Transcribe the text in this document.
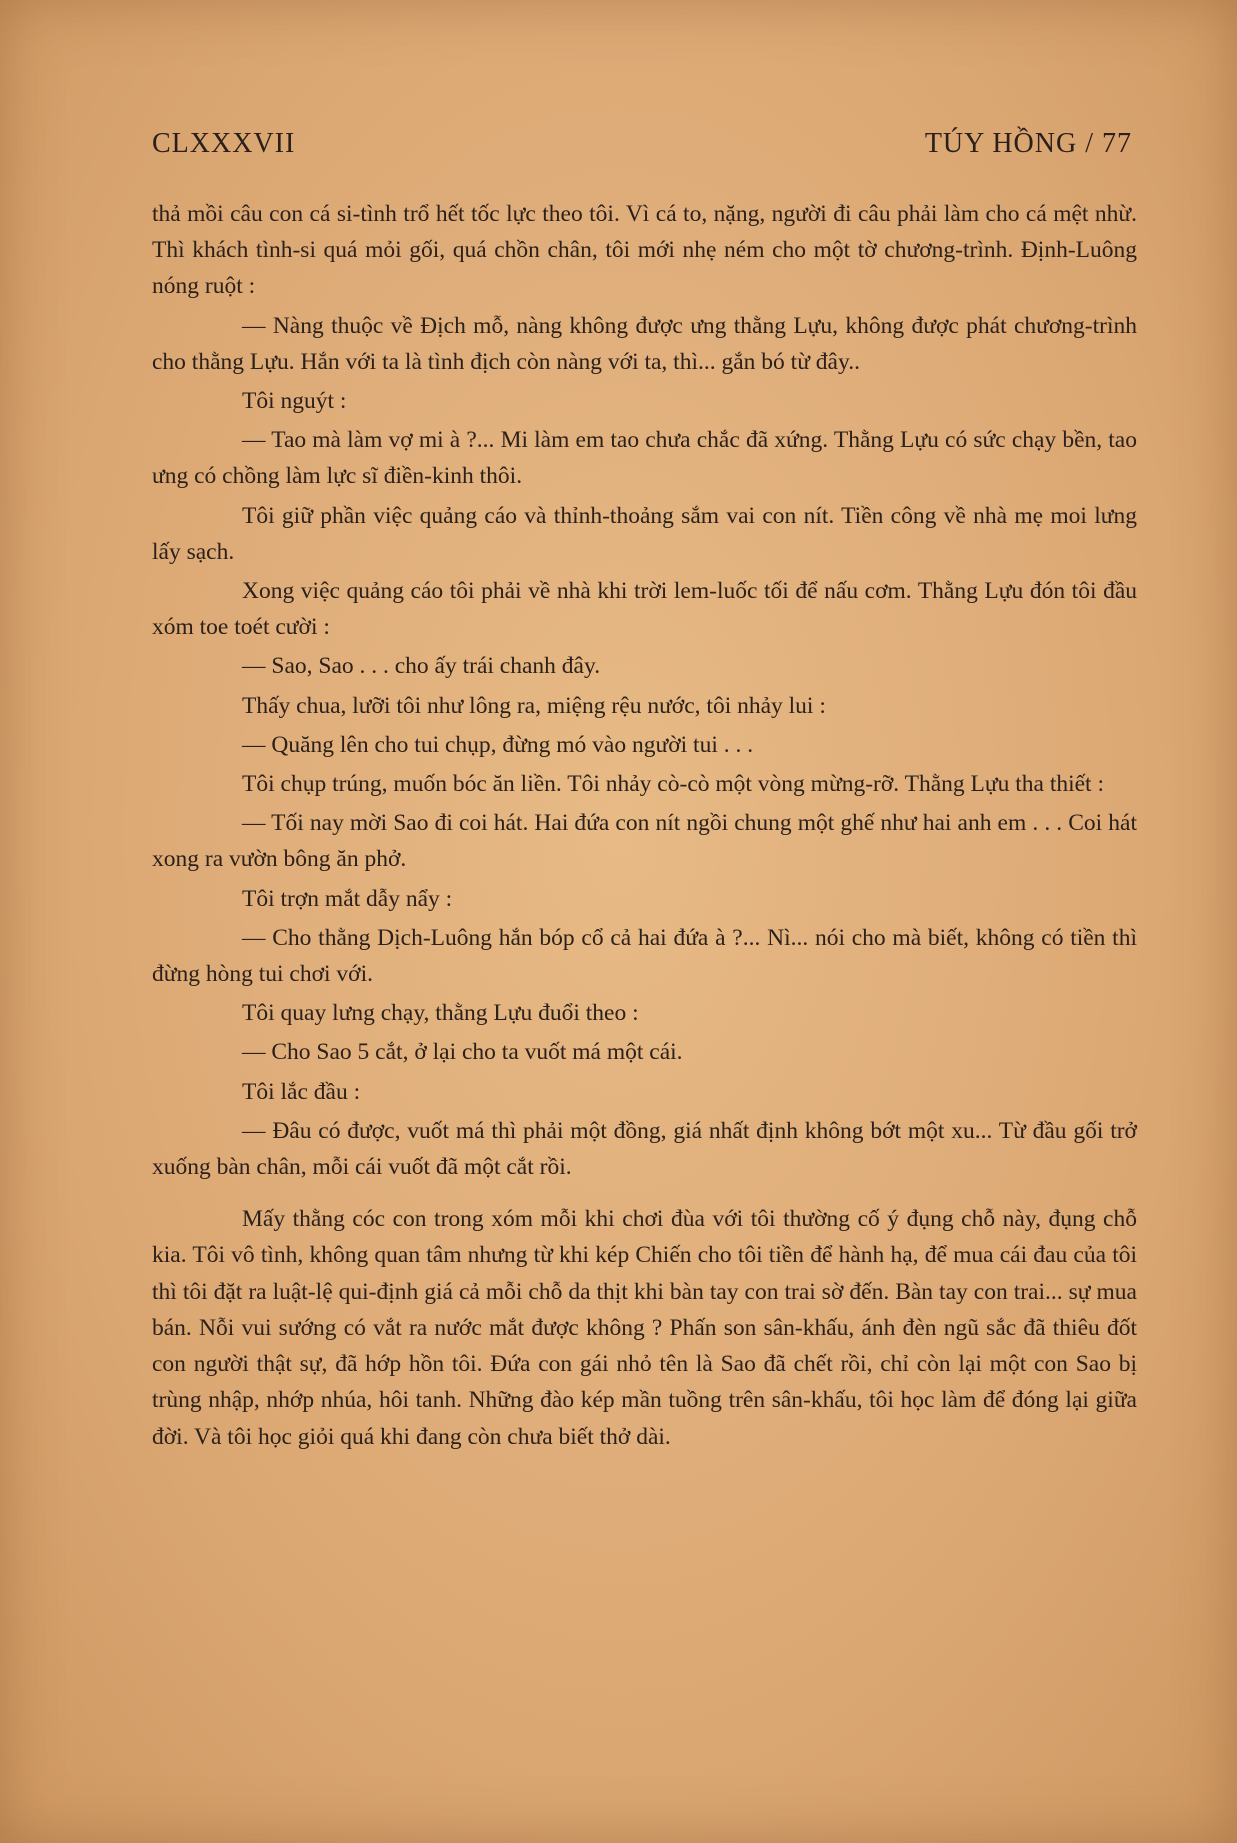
CLXXXVII	TÚY HỒNG / 77

thả mồi câu con cá si-tình trổ hết tốc lực theo tôi. Vì cá to, nặng, người đi câu phải làm cho cá mệt nhừ. Thì khách tình-si quá mỏi gối, quá chồn chân, tôi mới nhẹ ném cho một tờ chương-trình. Định-Luông nóng ruột :

— Nàng thuộc về Địch mỗ, nàng không được ưng thằng Lựu, không được phát chương-trình cho thằng Lựu. Hắn với ta là tình địch còn nàng với ta, thì... gắn bó từ đây..

Tôi nguýt :

— Tao mà làm vợ mi à ?... Mi làm em tao chưa chắc đã xứng. Thằng Lựu có sức chạy bền, tao ưng có chồng làm lực sĩ điền-kinh thôi.

Tôi giữ phần việc quảng cáo và thỉnh-thoảng sắm vai con nít. Tiền công về nhà mẹ moi lưng lấy sạch.

Xong việc quảng cáo tôi phải về nhà khi trời lem-luốc tối để nấu cơm. Thằng Lựu đón tôi đầu xóm toe toét cười :

— Sao, Sao . . . cho ấy trái chanh đây.

Thấy chua, lưỡi tôi như lông ra, miệng rệu nước, tôi nhảy lui :

— Quăng lên cho tui chụp, đừng mó vào người tui . . .

Tôi chụp trúng, muốn bóc ăn liền. Tôi nhảy cò-cò một vòng mừng-rỡ. Thằng Lựu tha thiết :

— Tối nay mời Sao đi coi hát. Hai đứa con nít ngồi chung một ghế như hai anh em . . . Coi hát xong ra vườn bông ăn phở.

Tôi trợn mắt dẫy nẩy :

— Cho thằng Dịch-Luông hắn bóp cổ cả hai đứa à ?... Nì... nói cho mà biết, không có tiền thì đừng hòng tui chơi với.

Tôi quay lưng chạy, thằng Lựu đuổi theo :

— Cho Sao 5 cắt, ở lại cho ta vuốt má một cái.

Tôi lắc đầu :

— Đâu có được, vuốt má thì phải một đồng, giá nhất định không bớt một xu... Từ đầu gối trở xuống bàn chân, mỗi cái vuốt đã một cắt rồi.

Mấy thằng cóc con trong xóm mỗi khi chơi đùa với tôi thường cố ý đụng chỗ này, đụng chỗ kia. Tôi vô tình, không quan tâm nhưng từ khi kép Chiến cho tôi tiền để hành hạ, để mua cái đau của tôi thì tôi đặt ra luật-lệ qui-định giá cả mỗi chỗ da thịt khi bàn tay con trai sờ đến. Bàn tay con trai... sự mua bán. Nỗi vui sướng có vắt ra nước mắt được không ? Phấn son sân-khấu, ánh đèn ngũ sắc đã thiêu đốt con người thật sự, đã hớp hồn tôi. Đứa con gái nhỏ tên là Sao đã chết rồi, chỉ còn lại một con Sao bị trùng nhập, nhớp nhúa, hôi tanh. Những đào kép mần tuồng trên sân-khấu, tôi học làm để đóng lại giữa đời. Và tôi học giỏi quá khi đang còn chưa biết thở dài.
